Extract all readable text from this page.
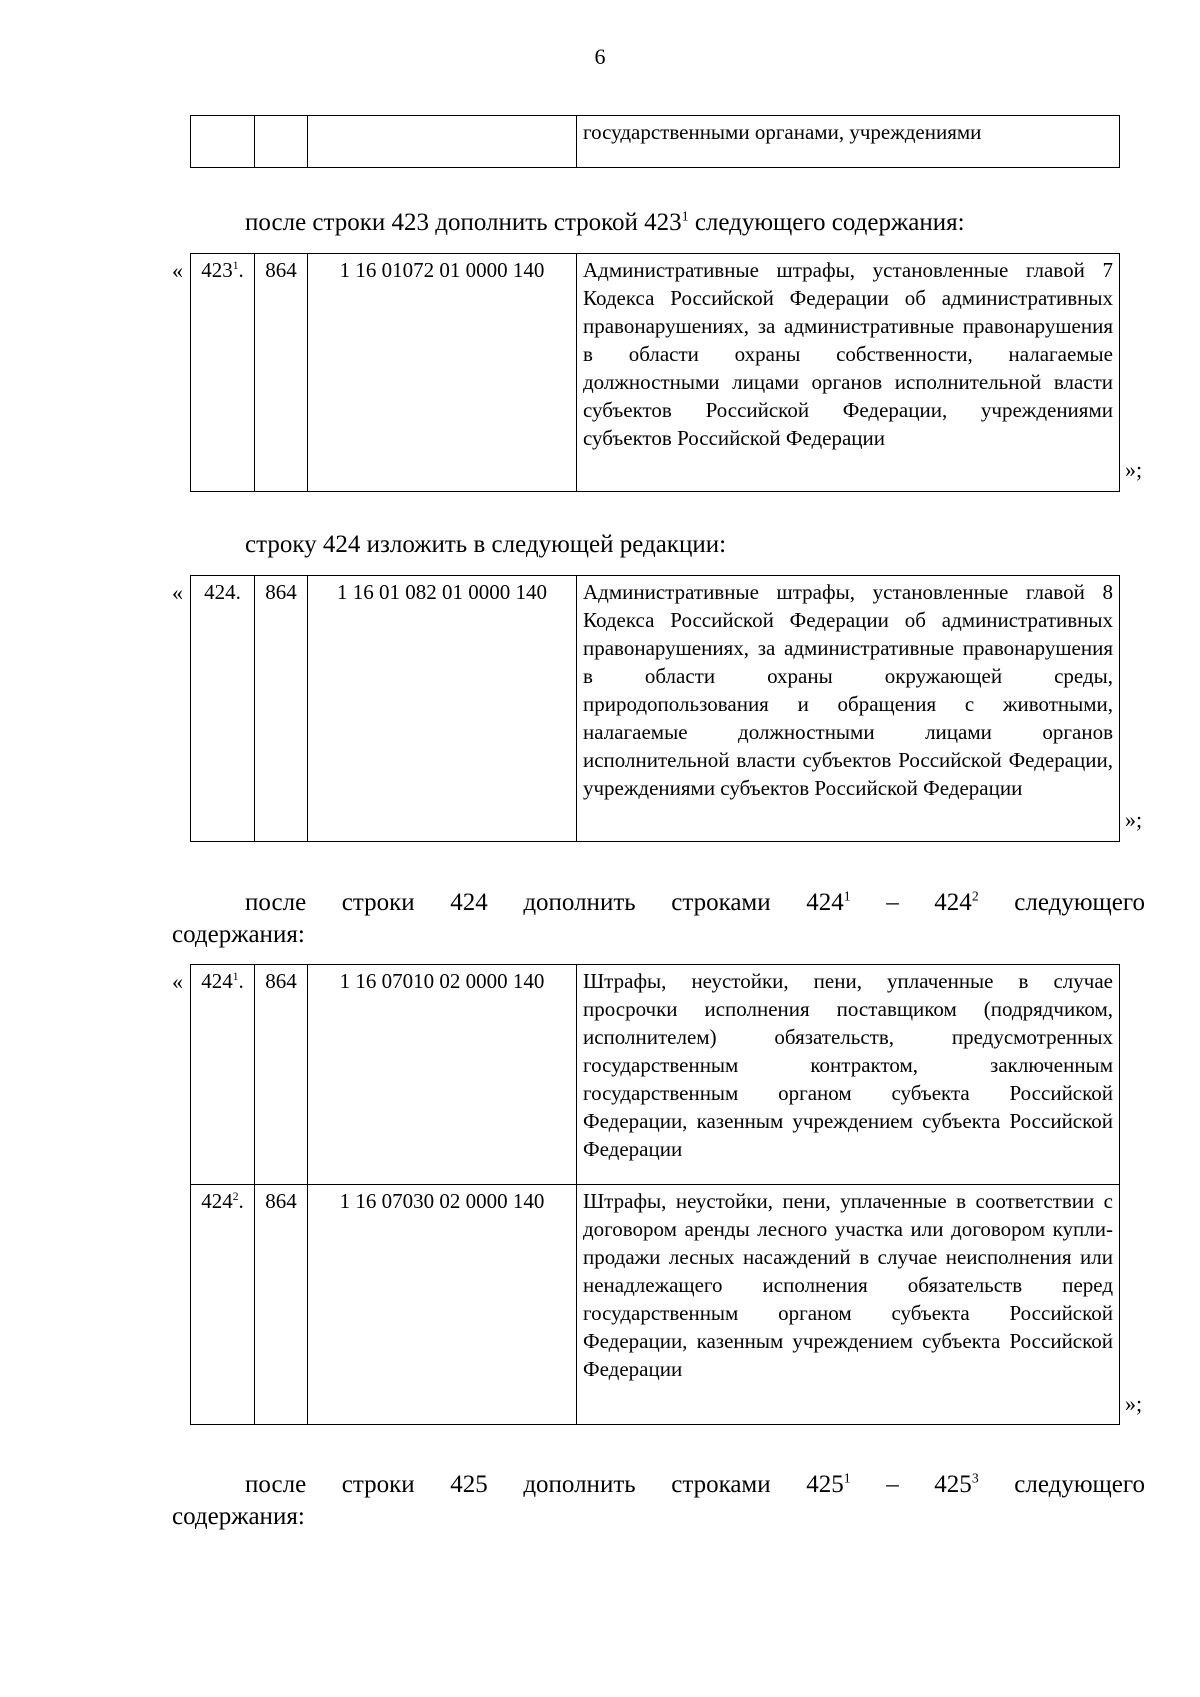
6
			государственными органами, учреждениями
после строки 423 дополнить строкой $423^1$ следующего содержания:
« $423^1$.	864	1 16 01072 01 0000 140	Административные штрафы, установленные главой 7 Кодекса Российской Федерации об административных правонарушениях, за административные правонарушения в области охраны собственности, налагаемые должностными лицами органов исполнительной власти субъектов Российской Федерации, учреждениями субъектов Российской Федерации
»;
строку 424 изложить в следующей редакции:
« 424.	864	1 16 01 082 01 0000 140	Административные штрафы, установленные главой 8 Кодекса Российской Федерации об административных правонарушениях, за административные правонарушения в области охраны окружающей среды, природопользования и обращения с животными, налагаемые должностными лицами органов исполнительной власти субъектов Российской Федерации, учреждениями субъектов Российской Федерации
»;
после строки 424 дополнить строками $424^1 - 424^2$ следующего
содержания:
« $424^1$.	864	1 16 07010 02 0000 140	Штрафы, неустойки, пени, уплаченные в случае просрочки исполнения поставщиком (подрядчиком, исполнителем) обязательств, предусмотренных государственным контрактом, заключенным государственным органом субъекта Российской Федерации, казенным учреждением субъекта Российской Федерации
$424^2$.	864	1 16 07030 02 0000 140	Штрафы, неустойки, пени, уплаченные в соответствии с договором аренды лесного участка или договором купли-продажи лесных насаждений в случае неисполнения или ненадлежащего исполнения обязательств перед государственным органом субъекта Российской Федерации, казенным учреждением субъекта Российской Федерации
»;
после строки 425 дополнить строками $425^1 - 425^3$ следующего
содержания:
